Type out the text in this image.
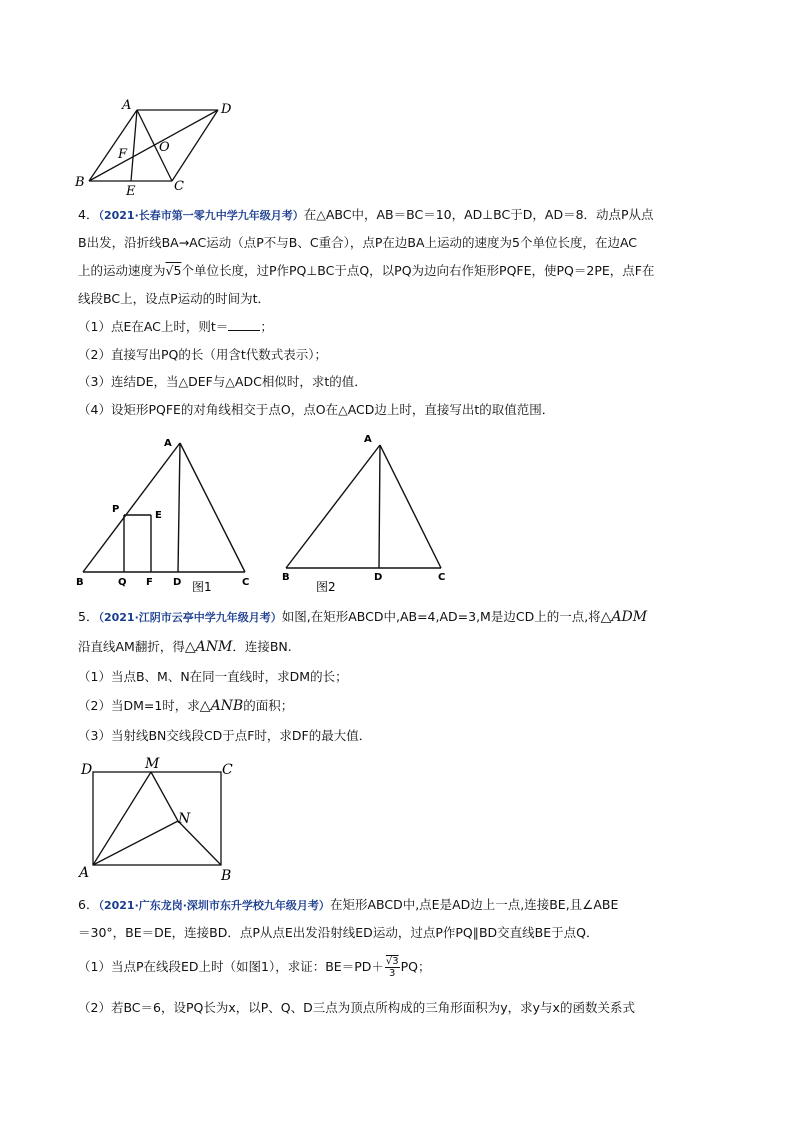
A	D
F O
B
E	C
4．（2021·长春市第一零九中学九年级月考）在△ABC中，AB＝BC＝10，AD⊥BC于D，AD＝8．动点P从点
B出发，沿折线BA→AC运动（点P不与B、C重合），点P在边BA上运动的速度为5个单位长度，在边AC
上的运动速度为√5个单位长度，过P作PQ⊥BC于点Q，以PQ为边向右作矩形PQFE，使PQ＝2PE，点F在
线段BC上，设点P运动的时间为t．
（1）点E在AC上时，则t＝	；
（2）直接写出PQ的长（用含t代数式表示）；
（3）连结DE，当△DEF与△ADC相似时，求t的值．
（4）设矩形PQFE的对角线相交于点O，点O在△ACD边上时，直接写出t的取值范围．
A
P
E
B	Q F D	C
图1
A
B	D	C
图2
5．（2021·江阴市云亭中学九年级月考）如图,在矩形ABCD中,AB=4,AD=3,M是边CD上的一点,将△ADM
沿直线AM翻折，得△ANM．连接BN.
（1）当点B、M、N在同一直线时，求DM的长；
（2）当DM=1时，求△ANB的面积；
（3）当射线BN交线段CD于点F时，求DF的最大值．
D	M	C
N
A	B
6．（2021·广东龙岗·深圳市东升学校九年级月考）在矩形ABCD中,点E是AD边上一点,连接BE,且∠ABE
＝30°，BE＝DE，连接BD．点P从点E出发沿射线ED运动，过点P作PQ∥BD交直线BE于点Q．
（1）当点P在线段ED上时（如图1），求证：$BE=PD+ \frac{√3}{3}$ PQ；
（2）若BC＝6，设PQ长为x，以P、Q、D三点为顶点所构成的三角形面积为y，求y与x的函数关系式
